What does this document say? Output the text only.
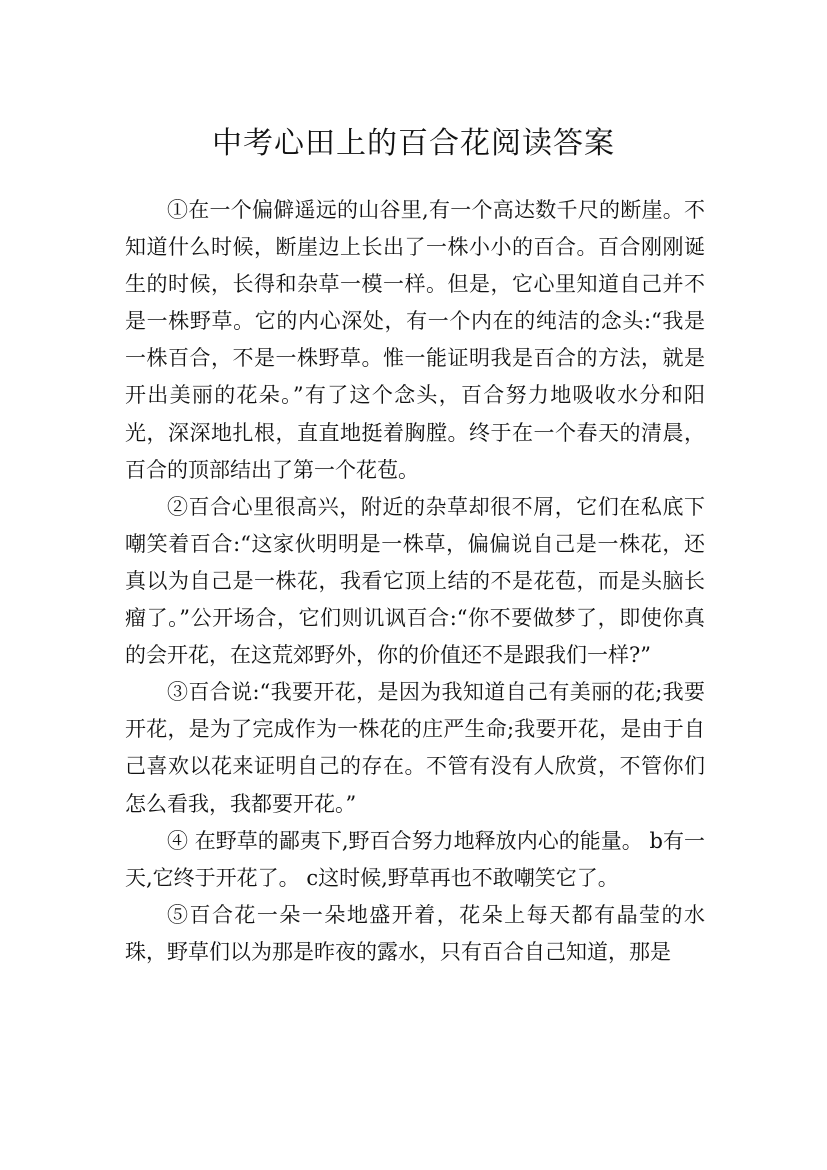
中考心田上的百合花阅读答案

①在一个偏僻遥远的山谷里,有一个高达数千尺的断崖。不知道什么时候，断崖边上长出了一株小小的百合。百合刚刚诞生的时候，长得和杂草一模一样。但是，它心里知道自己并不是一株野草。它的内心深处，有一个内在的纯洁的念头:“我是一株百合，不是一株野草。惟一能证明我是百合的方法，就是开出美丽的花朵。”有了这个念头，百合努力地吸收水分和阳光，深深地扎根，直直地挺着胸膛。终于在一个春天的清晨，百合的顶部结出了第一个花苞。

②百合心里很高兴，附近的杂草却很不屑，它们在私底下嘲笑着百合:“这家伙明明是一株草，偏偏说自己是一株花，还真以为自己是一株花，我看它顶上结的不是花苞，而是头脑长瘤了。”公开场合，它们则讥讽百合:“你不要做梦了，即使你真的会开花，在这荒郊野外，你的价值还不是跟我们一样?”

③百合说:“我要开花，是因为我知道自己有美丽的花;我要开花，是为了完成作为一株花的庄严生命;我要开花，是由于自己喜欢以花来证明自己的存在。不管有没有人欣赏，不管你们怎么看我，我都要开花。”

④ 在野草的鄙夷下,野百合努力地释放内心的能量。 b有一天,它终于开花了。 c这时候,野草再也不敢嘲笑它了。

⑤百合花一朵一朵地盛开着，花朵上每天都有晶莹的水珠，野草们以为那是昨夜的露水，只有百合自己知道，那是
